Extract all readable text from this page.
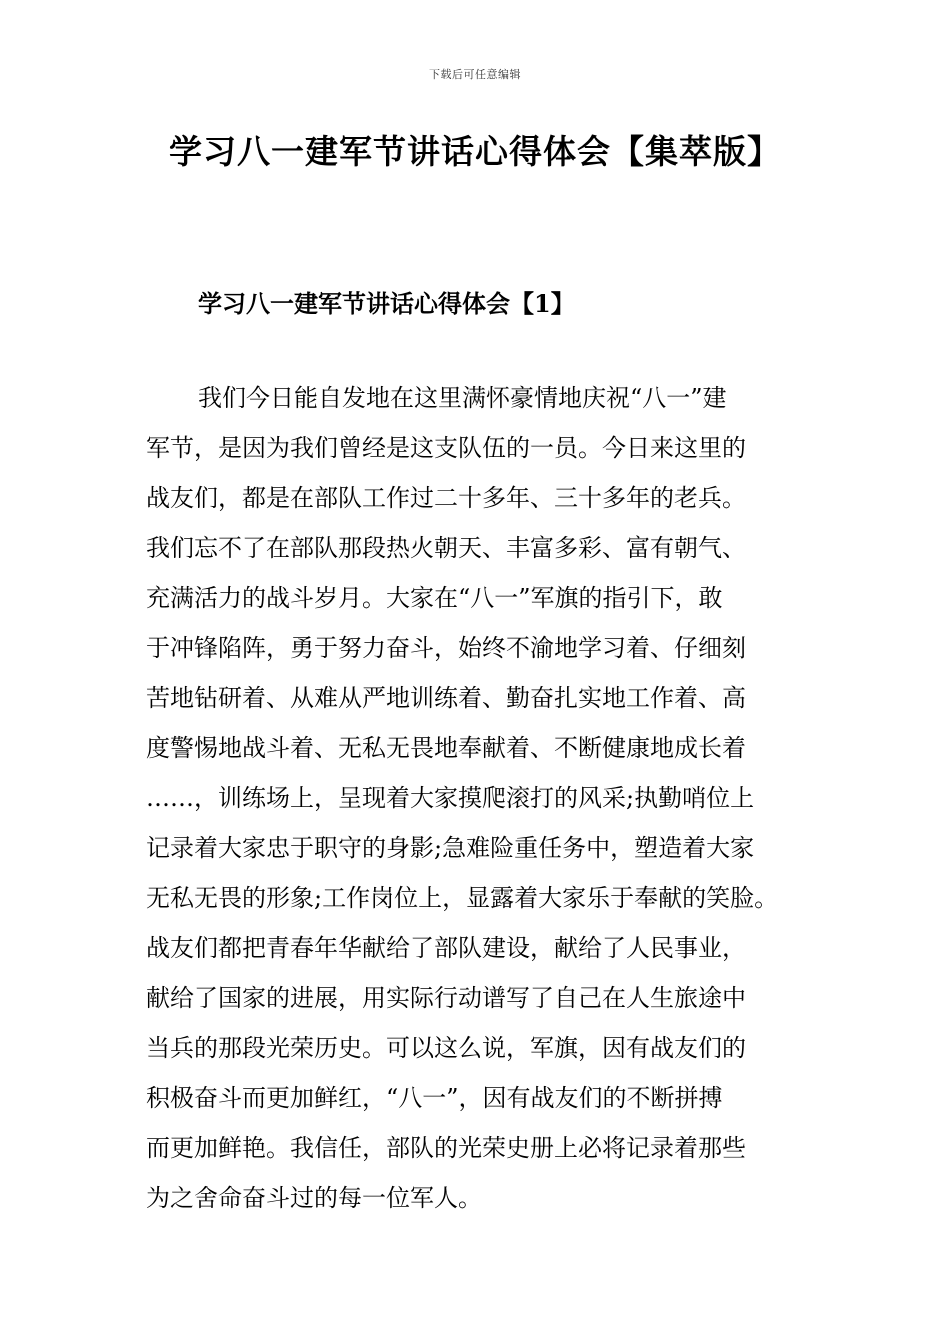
下载后可任意编辑
学习八一建军节讲话心得体会【集萃版】
学习八一建军节讲话心得体会【1】
我们今日能自发地在这里满怀豪情地庆祝“八一”建
军节，是因为我们曾经是这支队伍的一员。今日来这里的
战友们，都是在部队工作过二十多年、三十多年的老兵。
我们忘不了在部队那段热火朝天、丰富多彩、富有朝气、
充满活力的战斗岁月。大家在“八一”军旗的指引下，敢
于冲锋陷阵，勇于努力奋斗，始终不渝地学习着、仔细刻
苦地钻研着、从难从严地训练着、勤奋扎实地工作着、高
度警惕地战斗着、无私无畏地奉献着、不断健康地成长着
……，训练场上，呈现着大家摸爬滚打的风采;执勤哨位上
记录着大家忠于职守的身影;急难险重任务中，塑造着大家
无私无畏的形象;工作岗位上，显露着大家乐于奉献的笑脸。
战友们都把青春年华献给了部队建设，献给了人民事业，
献给了国家的进展，用实际行动谱写了自己在人生旅途中
当兵的那段光荣历史。可以这么说，军旗，因有战友们的
积极奋斗而更加鲜红，“八一”，因有战友们的不断拼搏
而更加鲜艳。我信任，部队的光荣史册上必将记录着那些
为之舍命奋斗过的每一位军人。
